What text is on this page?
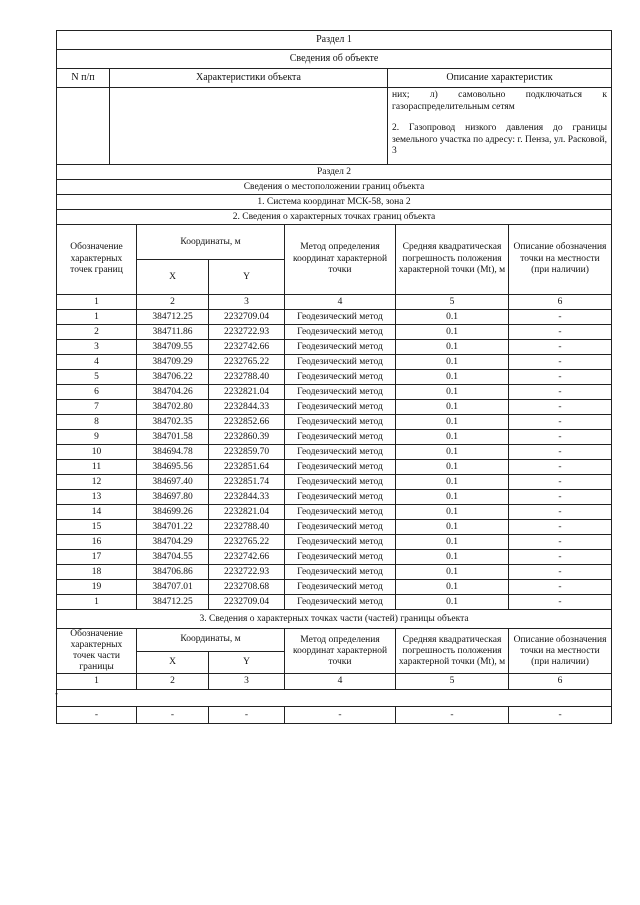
Раздел 1		
Сведения об объекте		
N п/п	Характеристики объекта	Описание характеристик

		них; л) самовольно подключаться к газораспределительным сетям

2. Газопровод низкого давления до границы земельного участка по адресу: г. Пенза, ул. Расковой, 3

Раздел 2					
Сведения о местоположении границ объекта					
1. Система координат МСК-58, зона 2					
2. Сведения о характерных точках границ объекта					
Обозначение характерных точек границ	Координаты, м		Метод определения координат характерной точки	Средняя квадратическая погрешность положения характерной точки (Mt), м	Описание обозначения точки на местности (при наличии)
	X	Y			
1	2	3	4	5	6
1	384712.25	2232709.04	Геодезический метод	0.1	-
2	384711.86	2232722.93	Геодезический метод	0.1	-
3	384709.55	2232742.66	Геодезический метод	0.1	-
4	384709.29	2232765.22	Геодезический метод	0.1	-
5	384706.22	2232788.40	Геодезический метод	0.1	-
6	384704.26	2232821.04	Геодезический метод	0.1	-
7	384702.80	2232844.33	Геодезический метод	0.1	-
8	384702.35	2232852.66	Геодезический метод	0.1	-
9	384701.58	2232860.39	Геодезический метод	0.1	-
10	384694.78	2232859.70	Геодезический метод	0.1	-
11	384695.56	2232851.64	Геодезический метод	0.1	-
12	384697.40	2232851.74	Геодезический метод	0.1	-
13	384697.80	2232844.33	Геодезический метод	0.1	-
14	384699.26	2232821.04	Геодезический метод	0.1	-
15	384701.22	2232788.40	Геодезический метод	0.1	-
16	384704.29	2232765.22	Геодезический метод	0.1	-
17	384704.55	2232742.66	Геодезический метод	0.1	-
18	384706.86	2232722.93	Геодезический метод	0.1	-
19	384707.01	2232708.68	Геодезический метод	0.1	-
1	384712.25	2232709.04	Геодезический метод	0.1	-
3. Сведения о характерных точках части (частей) границы объекта					
Обозначение характерных точек части границы	Координаты, м		Метод определения координат характерной точки	Средняя квадратическая погрешность положения характерной точки (Mt), м	Описание обозначения точки на местности (при наличии)
	X	Y			
1	2	3	4	5	6

-					

-	-	-	-	-	-
